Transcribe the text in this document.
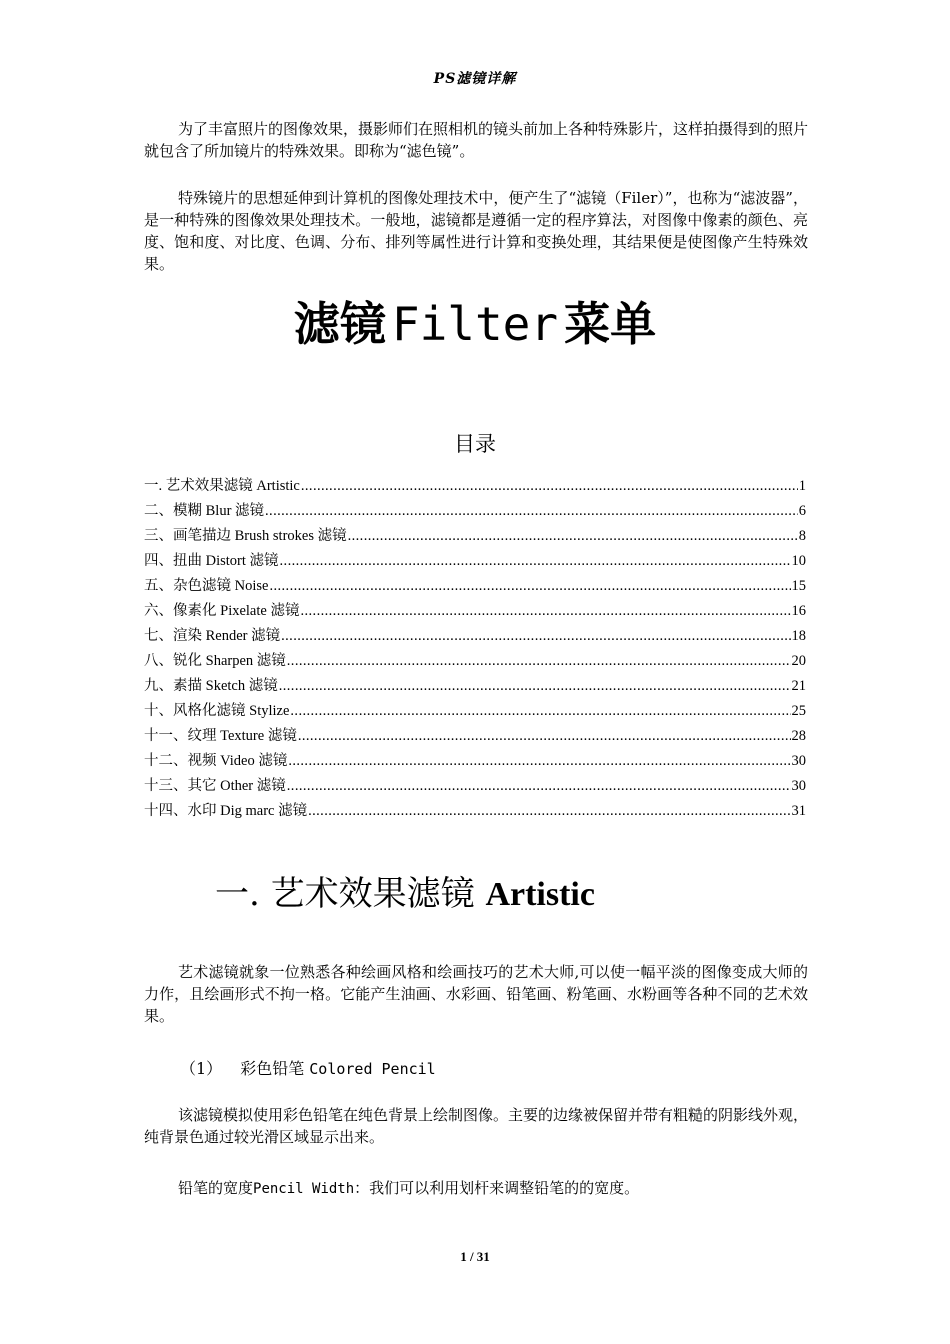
PS滤镜详解
为了丰富照片的图像效果，摄影师们在照相机的镜头前加上各种特殊影片，这样拍摄得到的照片就包含了所加镜片的特殊效果。即称为“滤色镜”。
特殊镜片的思想延伸到计算机的图像处理技术中，便产生了“滤镜（Filer）”，也称为“滤波器”，是一种特殊的图像效果处理技术。一般地，滤镜都是遵循一定的程序算法，对图像中像素的颜色、亮度、饱和度、对比度、色调、分布、排列等属性进行计算和变换处理，其结果便是使图像产生特殊效果。
滤镜 Filter 菜单
目录
一. 艺术效果滤镜 Artistic .....	1
二、模糊 Blur 滤镜 .....	6
三、画笔描边 Brush strokes 滤镜 .....	8
四、扭曲 Distort 滤镜 .....	10
五、杂色滤镜 Noise .....	15
六、像素化 Pixelate 滤镜 .....	16
七、渲染 Render 滤镜 .....	18
八、锐化 Sharpen 滤镜 .....	20
九、素描 Sketch 滤镜 .....	21
十、风格化滤镜 Stylize .....	25
十一、纹理 Texture 滤镜 .....	28
十二、视频 Video 滤镜 .....	30
十三、其它 Other 滤镜 .....	30
十四、水印 Dig marc 滤镜 .....	31
一. 艺术效果滤镜 Artistic
艺术滤镜就象一位熟悉各种绘画风格和绘画技巧的艺术大师,可以使一幅平淡的图像变成大师的力作，且绘画形式不拘一格。它能产生油画、水彩画、铅笔画、粉笔画、水粉画等各种不同的艺术效果。
（1） 彩色铅笔 Colored Pencil
该滤镜模拟使用彩色铅笔在纯色背景上绘制图像。主要的边缘被保留并带有粗糙的阴影线外观，纯背景色通过较光滑区域显示出来。
铅笔的宽度Pencil Width：我们可以利用划杆来调整铅笔的的宽度。
1 / 31
